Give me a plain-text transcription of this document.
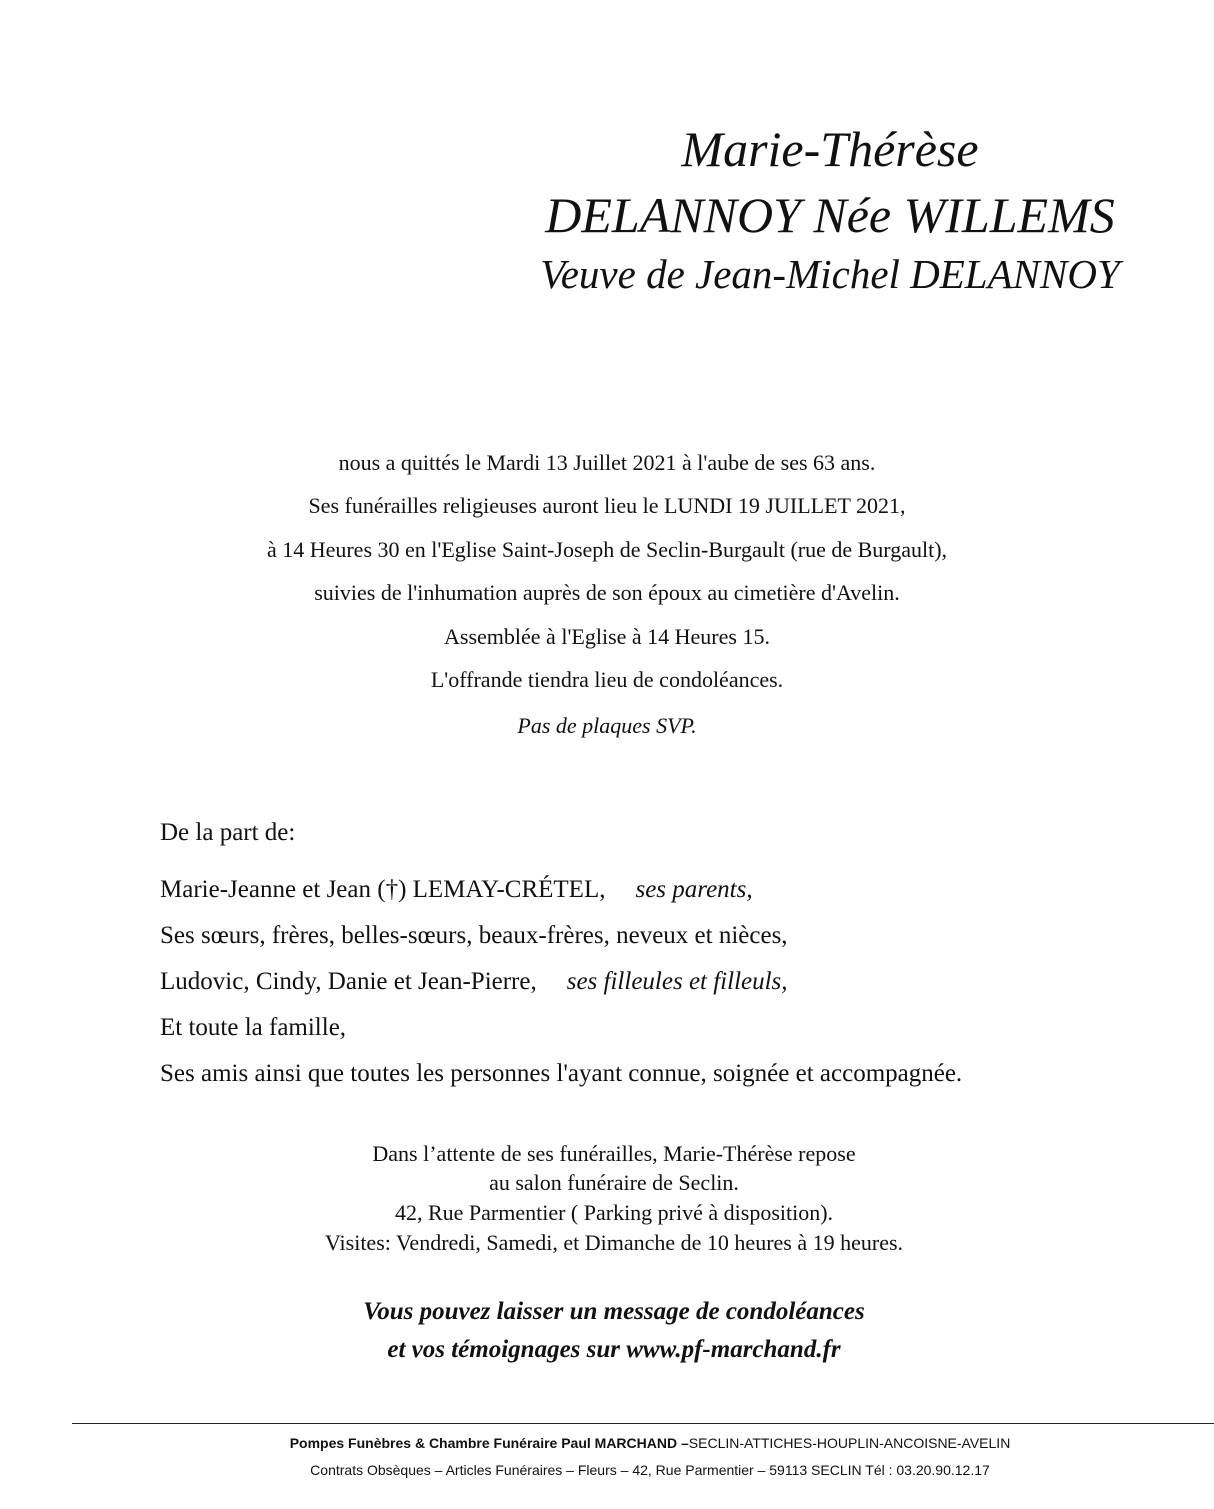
Marie-Thérèse
DELANNOY Née WILLEMS
Veuve de Jean-Michel DELANNOY
nous a quittés le Mardi 13 Juillet 2021 à l'aube de ses 63 ans.
Ses funérailles religieuses auront lieu le LUNDI 19 JUILLET 2021,
à 14 Heures 30 en l'Eglise Saint-Joseph de Seclin-Burgault (rue de Burgault),
suivies de l'inhumation auprès de son époux au cimetière d'Avelin.
Assemblée à l'Eglise à 14 Heures 15.
L'offrande tiendra lieu de condoléances.
Pas de plaques SVP.
De la part de:
Marie-Jeanne et Jean (†) LEMAY-CRÉTEL, ses parents,
Ses sœurs, frères, belles-sœurs, beaux-frères, neveux et nièces,
Ludovic, Cindy, Danie et Jean-Pierre, ses filleules et filleuls,
Et toute la famille,
Ses amis ainsi que toutes les personnes l'ayant connue, soignée et accompagnée.
Dans l’attente de ses funérailles, Marie-Thérèse repose
au salon funéraire de Seclin.
42, Rue Parmentier ( Parking privé à disposition).
Visites: Vendredi, Samedi, et Dimanche de 10 heures à 19 heures.
Vous pouvez laisser un message de condoléances
et vos témoignages sur www.pf-marchand.fr
Pompes Funèbres & Chambre Funéraire Paul MARCHAND –SECLIN-ATTICHES-HOUPLIN-ANCOISNE-AVELIN
Contrats Obsèques – Articles Funéraires – Fleurs – 42, Rue Parmentier – 59113 SECLIN Tél : 03.20.90.12.17
